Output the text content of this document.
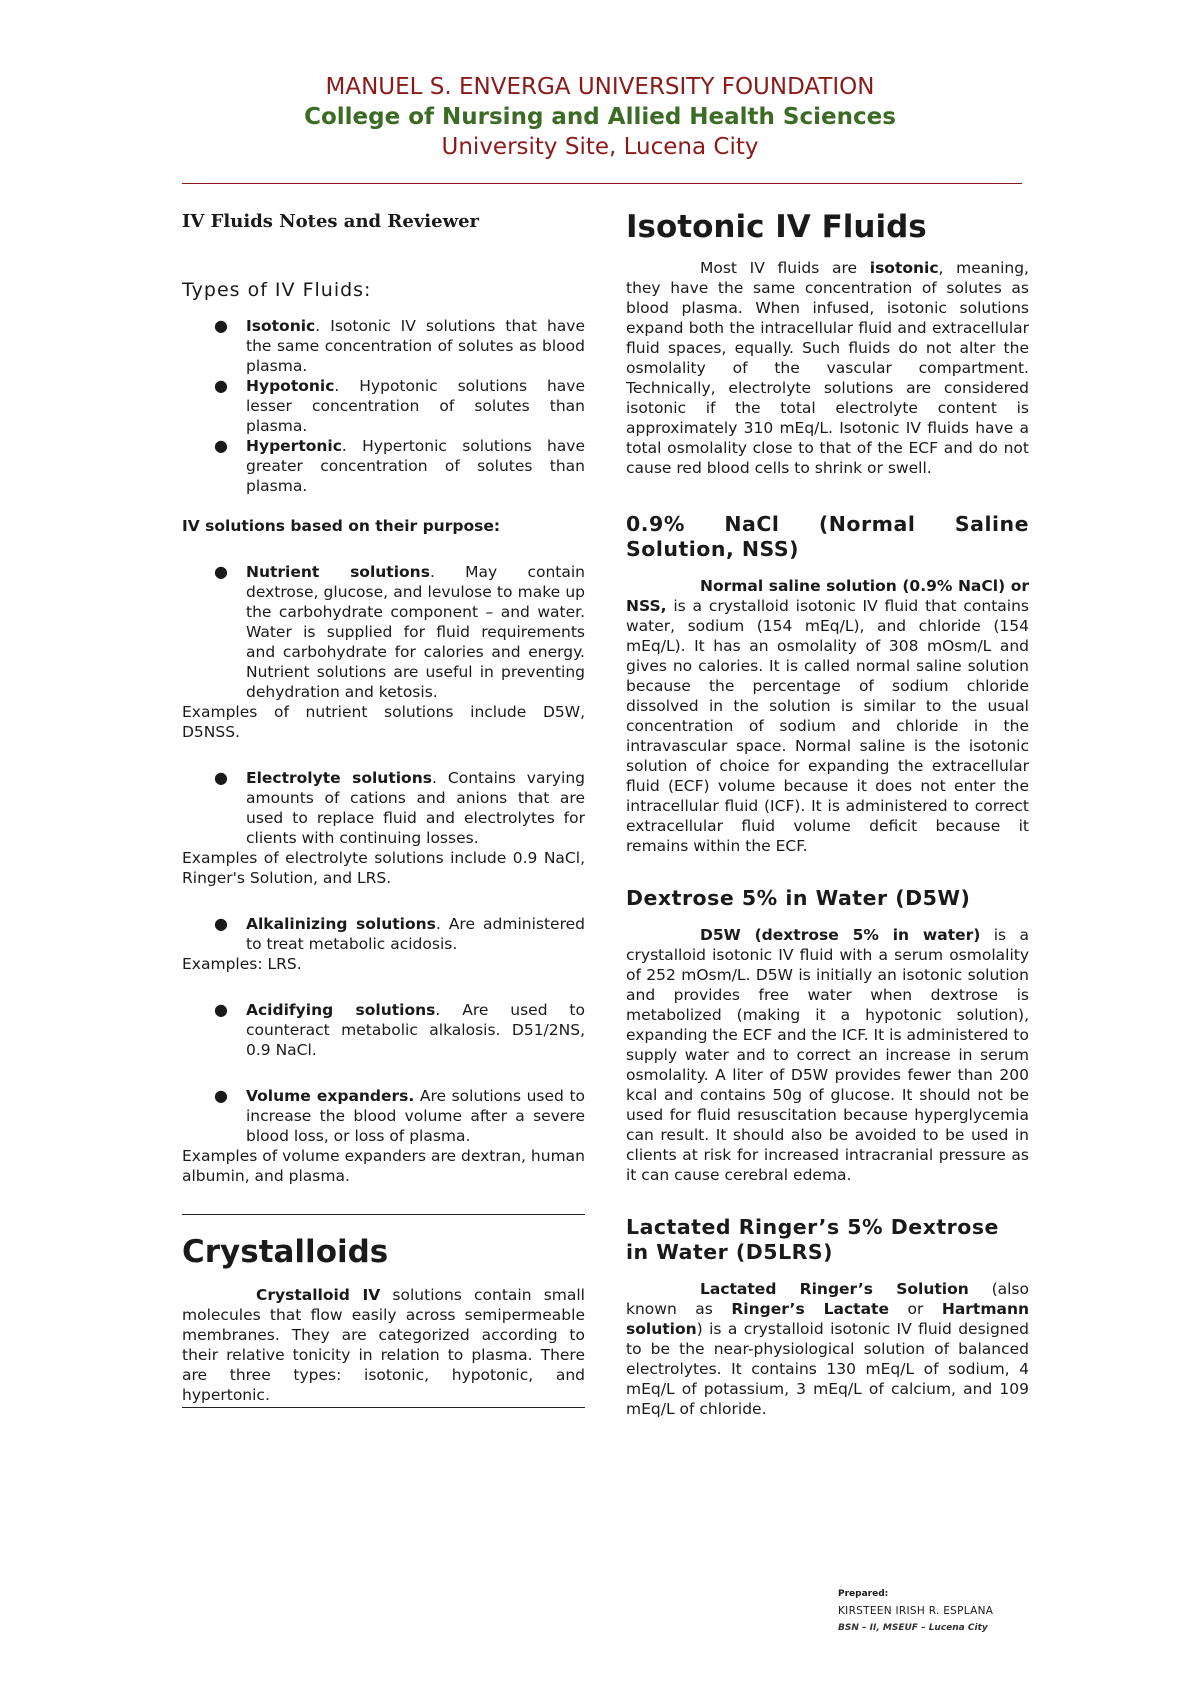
MANUEL S. ENVERGA UNIVERSITY FOUNDATION
College of Nursing and Allied Health Sciences
University Site, Lucena City
IV Fluids Notes and Reviewer
Types of IV Fluids:
● Isotonic. Isotonic IV solutions that have the same concentration of solutes as blood plasma.
● Hypotonic. Hypotonic solutions have lesser concentration of solutes than plasma.
● Hypertonic. Hypertonic solutions have greater concentration of solutes than plasma.
IV solutions based on their purpose:
● Nutrient solutions. May contain dextrose, glucose, and levulose to make up the carbohydrate component – and water. Water is supplied for fluid requirements and carbohydrate for calories and energy. Nutrient solutions are useful in preventing dehydration and ketosis.
Examples of nutrient solutions include D5W, D5NSS.
● Electrolyte solutions. Contains varying amounts of cations and anions that are used to replace fluid and electrolytes for clients with continuing losses.
Examples of electrolyte solutions include 0.9 NaCl, Ringer's Solution, and LRS.
● Alkalinizing solutions. Are administered to treat metabolic acidosis.
Examples: LRS.
● Acidifying solutions. Are used to counteract metabolic alkalosis. D51/2NS, 0.9 NaCl.
● Volume expanders. Are solutions used to increase the blood volume after a severe blood loss, or loss of plasma.
Examples of volume expanders are dextran, human albumin, and plasma.
Crystalloids
Crystalloid IV solutions contain small molecules that flow easily across semipermeable membranes. They are categorized according to their relative tonicity in relation to plasma. There are three types: isotonic, hypotonic, and hypertonic.
Isotonic IV Fluids
Most IV fluids are isotonic, meaning, they have the same concentration of solutes as blood plasma. When infused, isotonic solutions expand both the intracellular fluid and extracellular fluid spaces, equally. Such fluids do not alter the osmolality of the vascular compartment. Technically, electrolyte solutions are considered isotonic if the total electrolyte content is approximately 310 mEq/L. Isotonic IV fluids have a total osmolality close to that of the ECF and do not cause red blood cells to shrink or swell.
0.9% NaCl (Normal Saline Solution, NSS)
Normal saline solution (0.9% NaCl) or NSS, is a crystalloid isotonic IV fluid that contains water, sodium (154 mEq/L), and chloride (154 mEq/L). It has an osmolality of 308 mOsm/L and gives no calories. It is called normal saline solution because the percentage of sodium chloride dissolved in the solution is similar to the usual concentration of sodium and chloride in the intravascular space. Normal saline is the isotonic solution of choice for expanding the extracellular fluid (ECF) volume because it does not enter the intracellular fluid (ICF). It is administered to correct extracellular fluid volume deficit because it remains within the ECF.
Dextrose 5% in Water (D5W)
D5W (dextrose 5% in water) is a crystalloid isotonic IV fluid with a serum osmolality of 252 mOsm/L. D5W is initially an isotonic solution and provides free water when dextrose is metabolized (making it a hypotonic solution), expanding the ECF and the ICF. It is administered to supply water and to correct an increase in serum osmolality. A liter of D5W provides fewer than 200 kcal and contains 50g of glucose. It should not be used for fluid resuscitation because hyperglycemia can result. It should also be avoided to be used in clients at risk for increased intracranial pressure as it can cause cerebral edema.
Lactated Ringer’s 5% Dextrose in Water (D5LRS)
Lactated Ringer’s Solution (also known as Ringer’s Lactate or Hartmann solution) is a crystalloid isotonic IV fluid designed to be the near-physiological solution of balanced electrolytes. It contains 130 mEq/L of sodium, 4 mEq/L of potassium, 3 mEq/L of calcium, and 109 mEq/L of chloride.
Prepared:
KIRSTEEN IRISH R. ESPLANA
BSN – II, MSEUF – Lucena City
